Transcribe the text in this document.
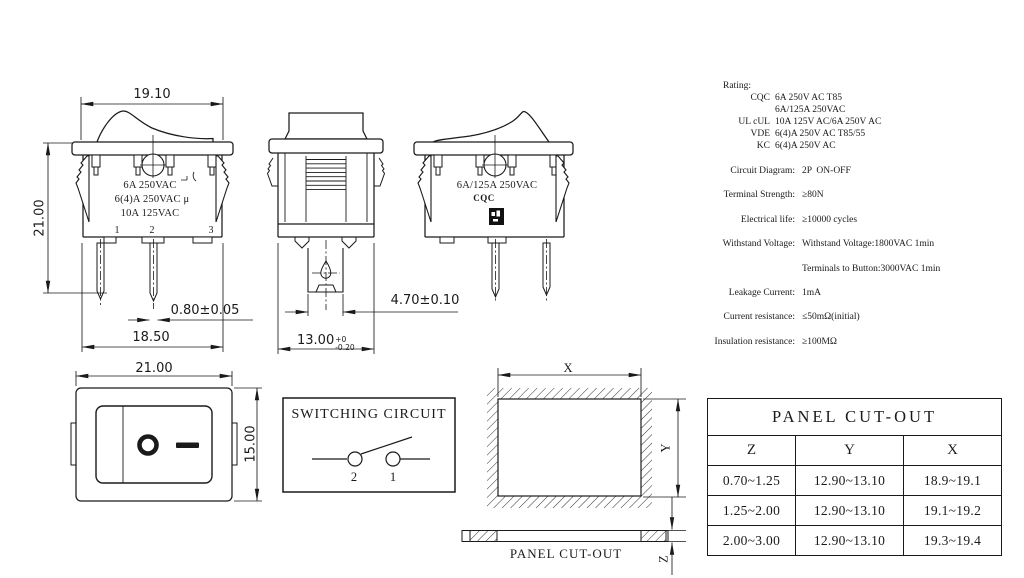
19.10
21.00
0.80±0.05
18.50
6A 250VAC
6(4)A 250VAC μ
10A 125VAC
1	2	3
4.70±0.10
13.00 +0
-0.20
6A/125A 250VAC
CQC
21.00
15.00
SWITCHING CIRCUIT
2	1
X
Y
Z
PANEL CUT-OUT
Rating:
CQC 6A 250V AC T85
6A/125A 250VAC
UL cUL 10A 125V AC/6A 250V AC
VDE 6(4)A 250V AC T85/55
KC 6(4)A 250V AC
Circuit Diagram: 2P  ON-OFF
Terminal Strength: ≥80N
Electrical life: ≥10000 cycles
Withstand Voltage: Withstand Voltage:1800VAC 1min
Terminals to Button:3000VAC 1min
Leakage Current: 1mA
Current resistance: ≤50mΩ(initial)
Insulation resistance: ≥100MΩ
PANEL CUT-OUT		
Z	Y	X
0.70~1.25	12.90~13.10	18.9~19.1
1.25~2.00	12.90~13.10	19.1~19.2
2.00~3.00	12.90~13.10	19.3~19.4
